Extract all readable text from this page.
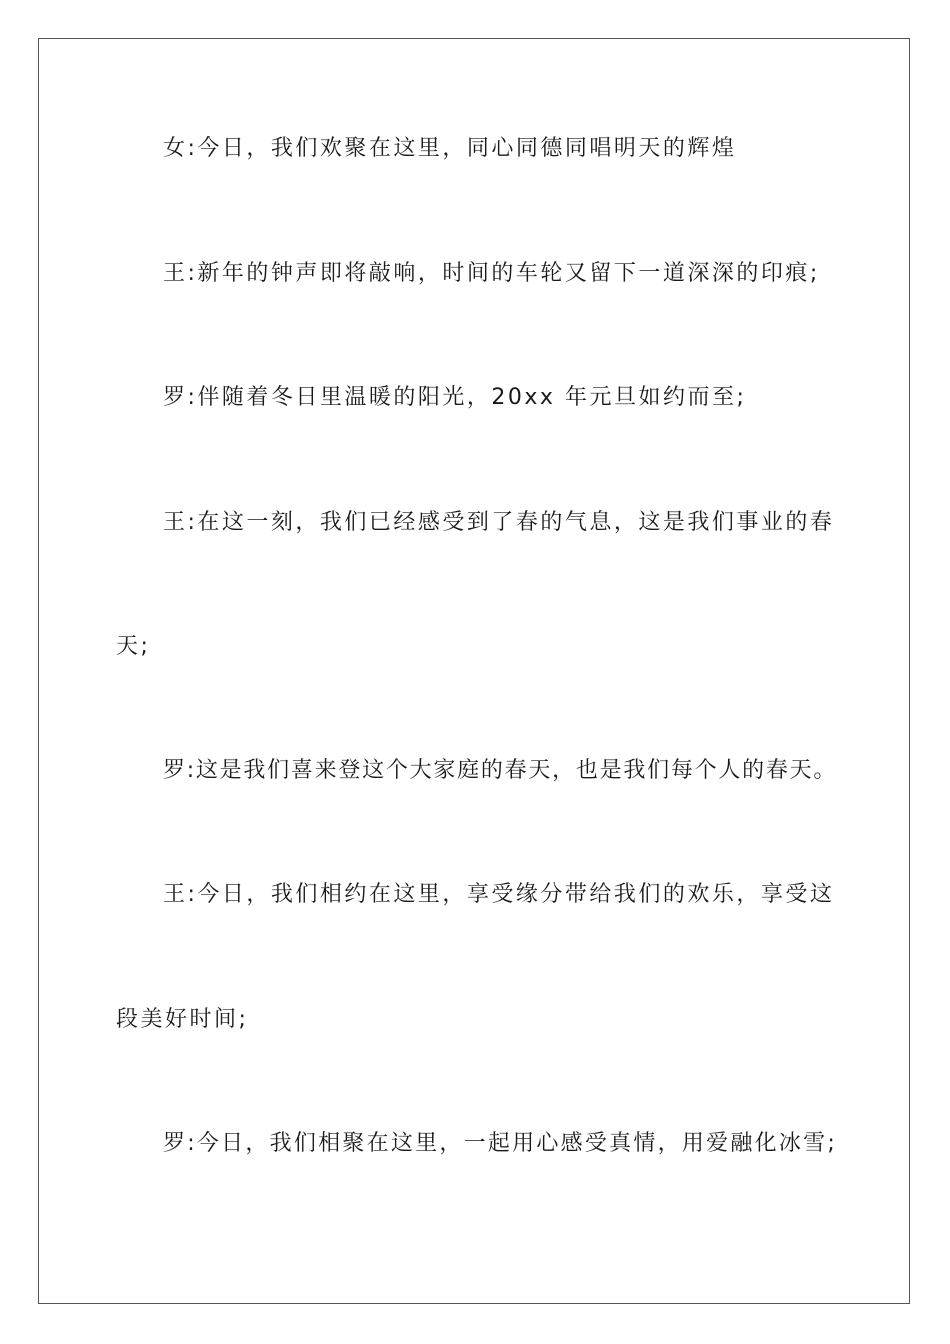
女:今日，我们欢聚在这里，同心同德同唱明天的辉煌

王:新年的钟声即将敲响，时间的车轮又留下一道深深的印痕;

罗:伴随着冬日里温暖的阳光，20xx 年元旦如约而至;

王:在这一刻，我们已经感受到了春的气息，这是我们事业的春

天;

罗:这是我们喜来登这个大家庭的春天，也是我们每个人的春天。

王:今日，我们相约在这里，享受缘分带给我们的欢乐，享受这

段美好时间;

罗:今日，我们相聚在这里，一起用心感受真情，用爱融化冰雪;
